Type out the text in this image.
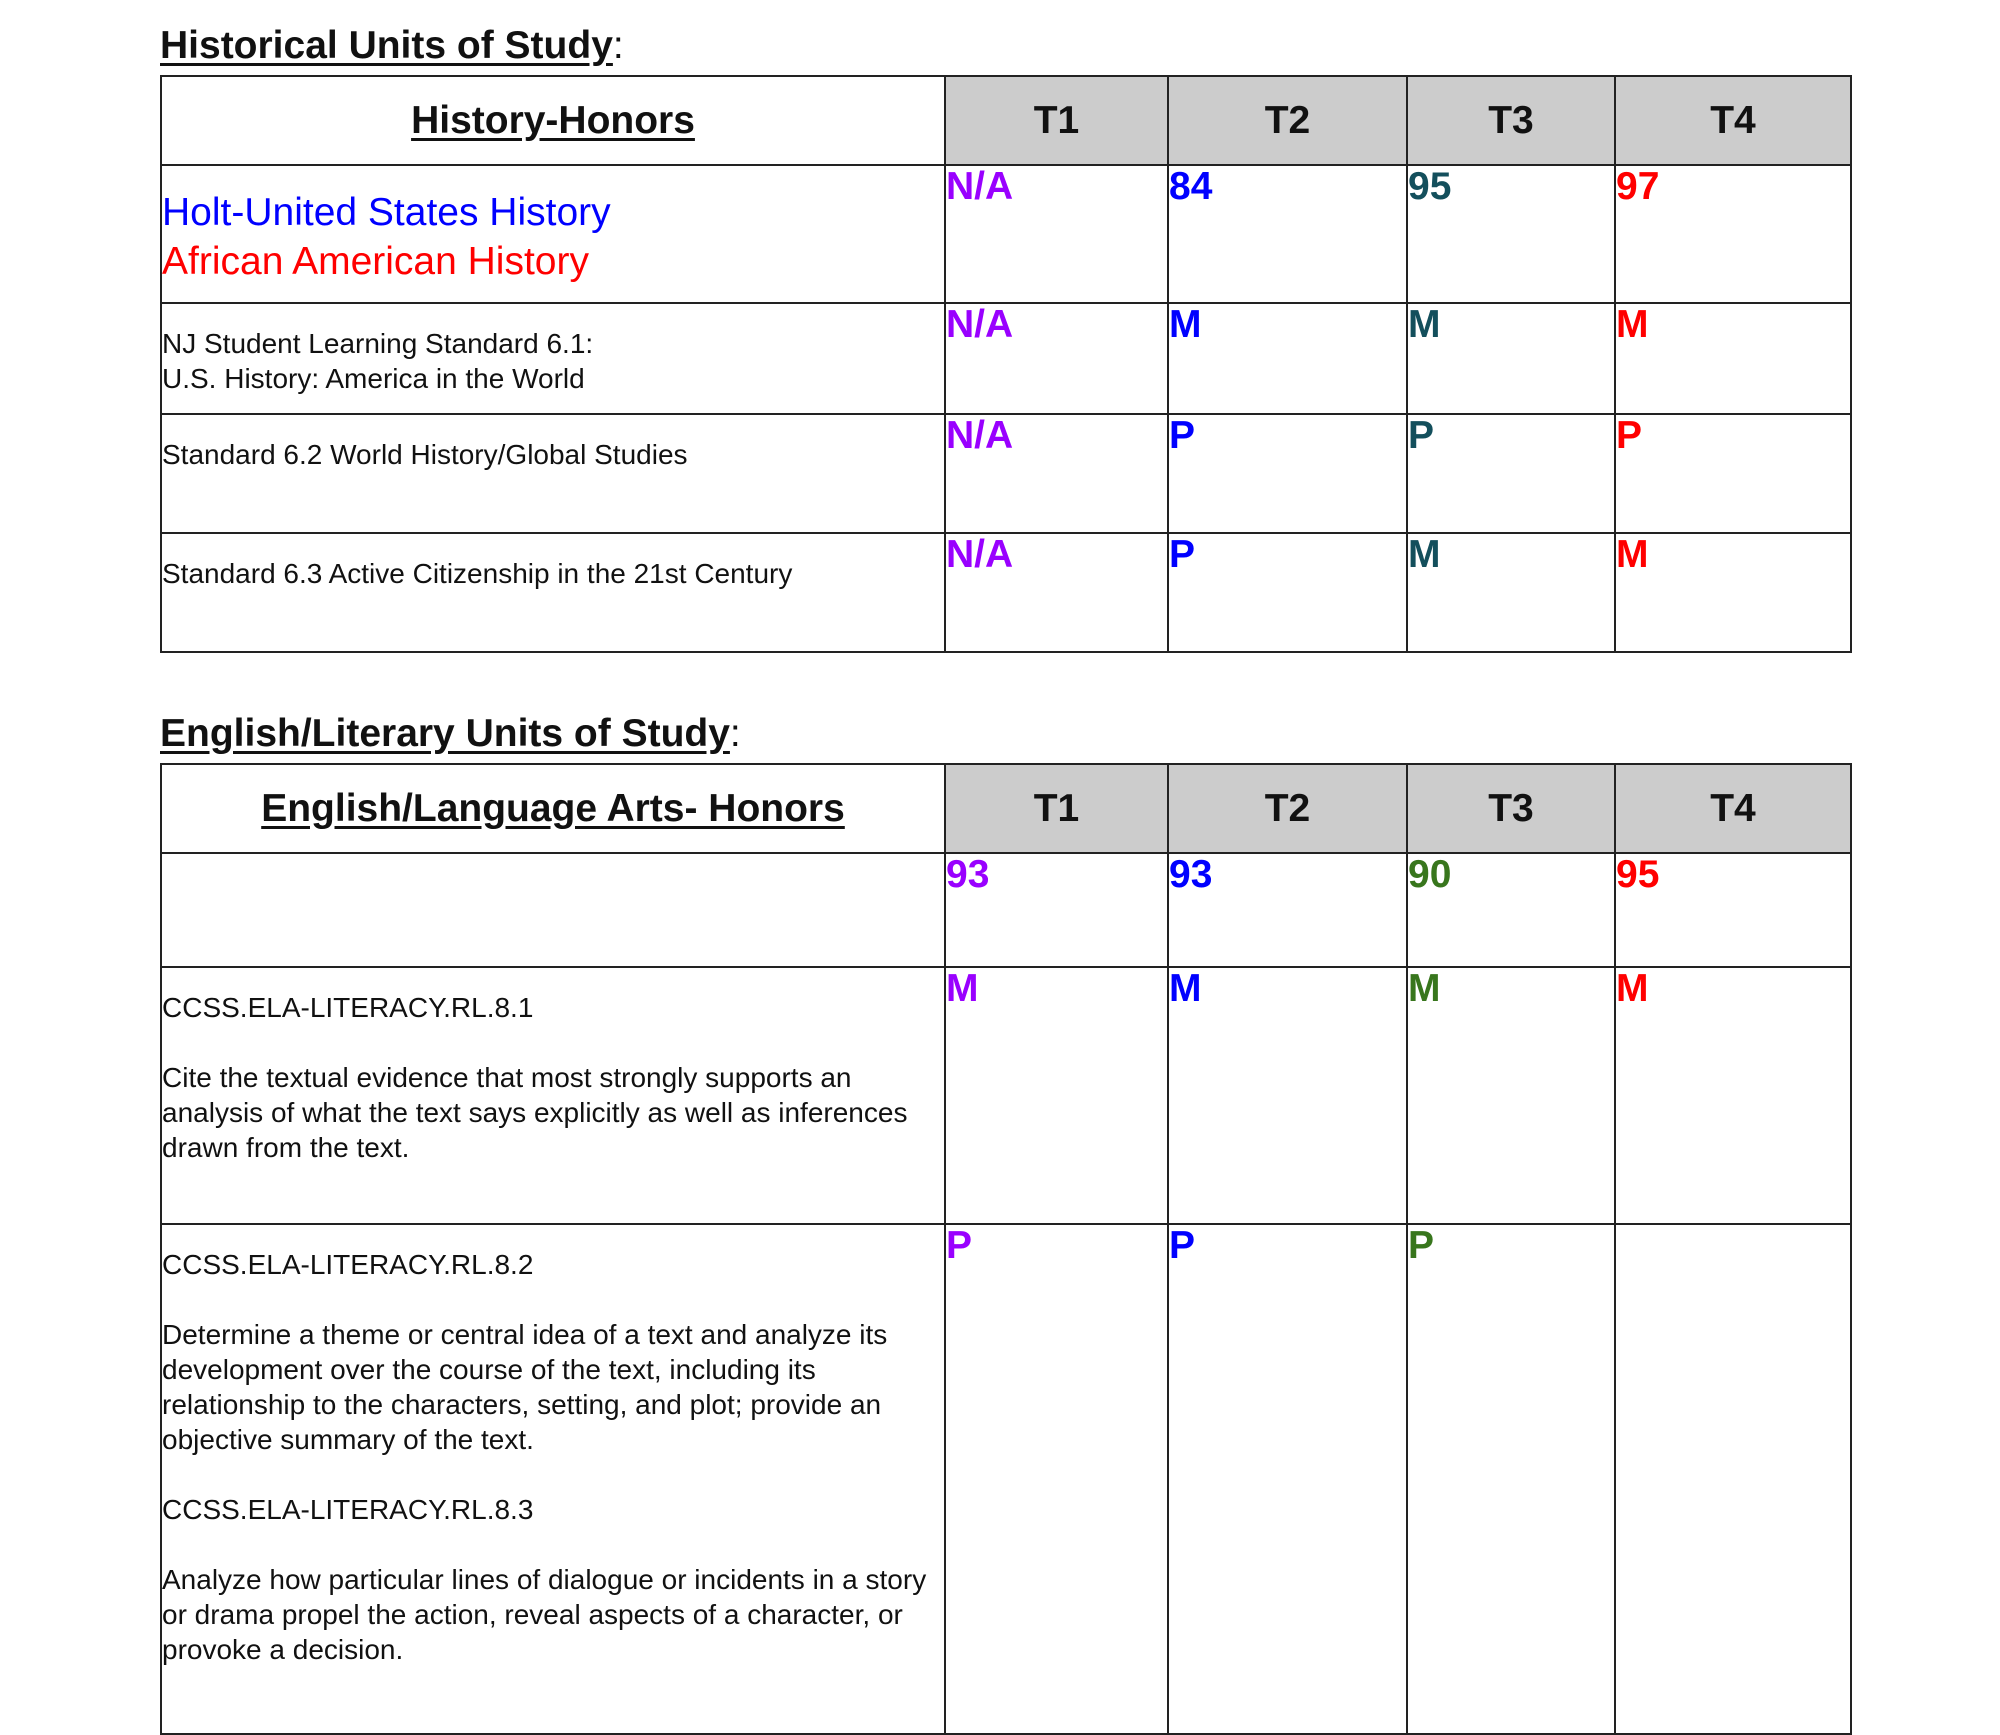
Historical Units of Study:
History-Honors	T1	T2	T3	T4

Holt-United States History
African American History	N/A	84	95	97

NJ Student Learning Standard 6.1:
U.S. History: America in the World	N/A	M	M	M

Standard 6.2 World History/Global Studies	N/A	P	P	P

Standard 6.3 Active Citizenship in the 21st Century	N/A	P	M	M
English/Literary Units of Study:
English/Language Arts- Honors	T1	T2	T3	T4
	93	93	90	95

CCSS.ELA-LITERACY.RL.8.1
Cite the textual evidence that most strongly supports an analysis of what the text says explicitly as well as inferences drawn from the text.	M	M	M	M

CCSS.ELA-LITERACY.RL.8.2
Determine a theme or central idea of a text and analyze its development over the course of the text, including its relationship to the characters, setting, and plot; provide an objective summary of the text.
CCSS.ELA-LITERACY.RL.8.3
Analyze how particular lines of dialogue or incidents in a story or drama propel the action, reveal aspects of a character, or provoke a decision.	P	P	P	
